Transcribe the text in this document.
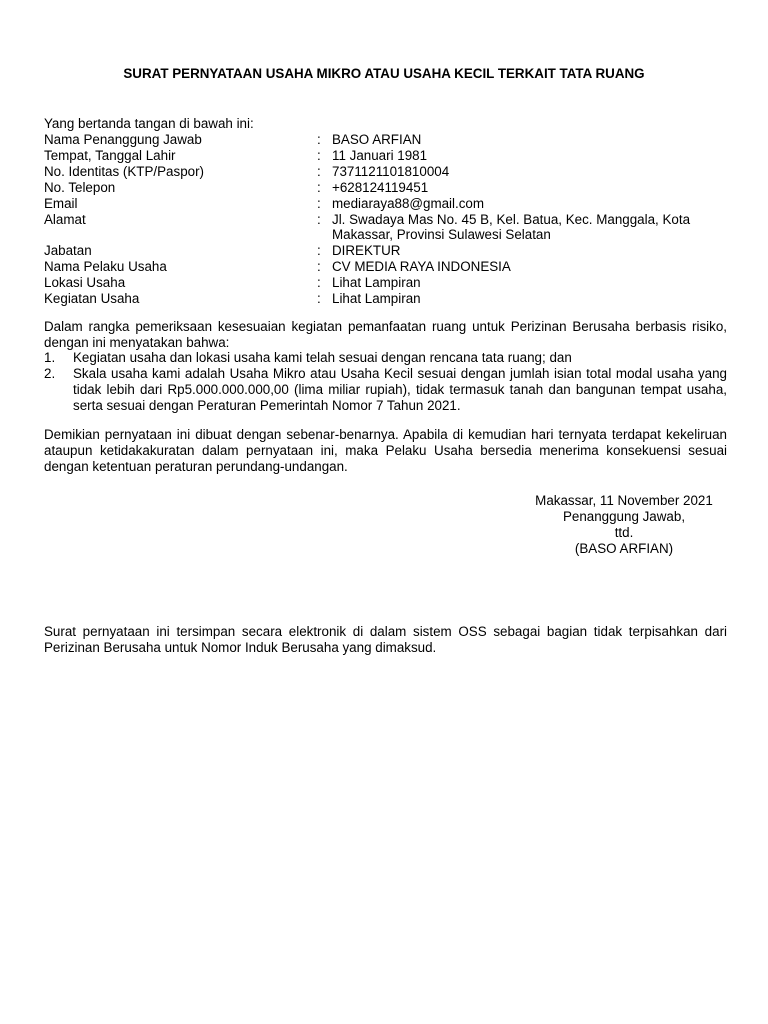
SURAT PERNYATAAN USAHA MIKRO ATAU USAHA KECIL TERKAIT TATA RUANG
Yang bertanda tangan di bawah ini:
Nama Penanggung Jawab	: BASO ARFIAN
Tempat, Tanggal Lahir	: 11 Januari 1981
No. Identitas (KTP/Paspor)	: 7371121101810004
No. Telepon	: +628124119451
Email	: mediaraya88@gmail.com
Alamat	: Jl. Swadaya Mas No. 45 B, Kel. Batua, Kec. Manggala, Kota Makassar, Provinsi Sulawesi Selatan
Jabatan	: DIREKTUR
Nama Pelaku Usaha	: CV MEDIA RAYA INDONESIA
Lokasi Usaha	: Lihat Lampiran
Kegiatan Usaha	: Lihat Lampiran
Dalam rangka pemeriksaan kesesuaian kegiatan pemanfaatan ruang untuk Perizinan Berusaha berbasis risiko, dengan ini menyatakan bahwa:
1.	Kegiatan usaha dan lokasi usaha kami telah sesuai dengan rencana tata ruang; dan
2.	Skala usaha kami adalah Usaha Mikro atau Usaha Kecil sesuai dengan jumlah isian total modal usaha yang tidak lebih dari Rp5.000.000.000,00 (lima miliar rupiah), tidak termasuk tanah dan bangunan tempat usaha, serta sesuai dengan Peraturan Pemerintah Nomor 7 Tahun 2021.
Demikian pernyataan ini dibuat dengan sebenar-benarnya. Apabila di kemudian hari ternyata terdapat kekeliruan ataupun ketidakakuratan dalam pernyataan ini, maka Pelaku Usaha bersedia menerima konsekuensi sesuai dengan ketentuan peraturan perundang-undangan.
Makassar, 11 November 2021
Penanggung Jawab,
ttd.
(BASO ARFIAN)
Surat pernyataan ini tersimpan secara elektronik di dalam sistem OSS sebagai bagian tidak terpisahkan dari Perizinan Berusaha untuk Nomor Induk Berusaha yang dimaksud.
